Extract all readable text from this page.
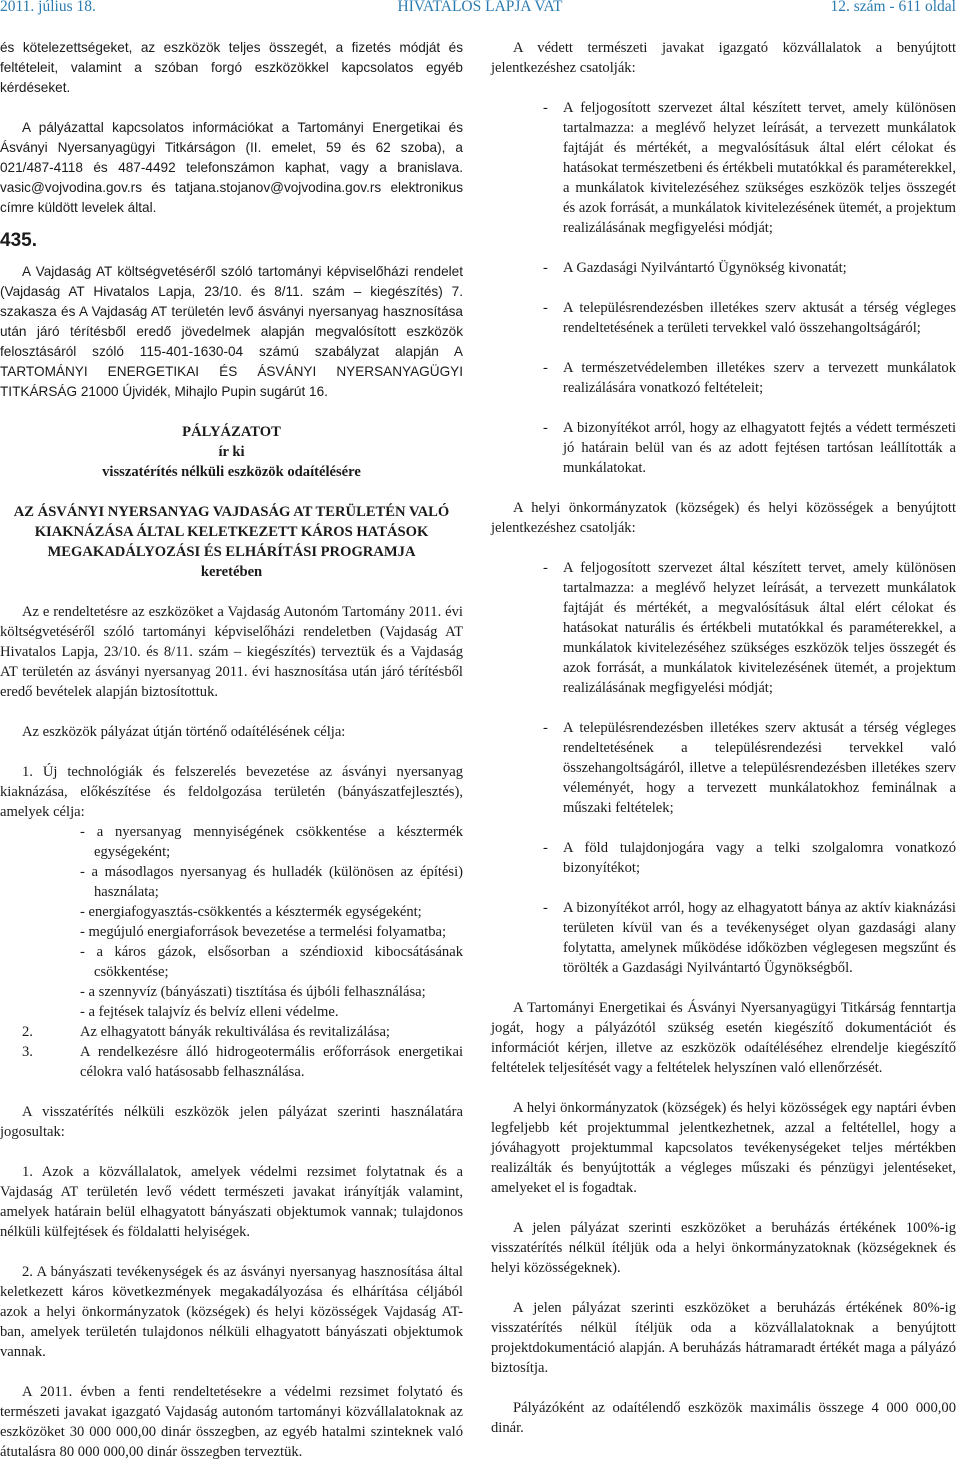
2011. július 18.	HIVATALOS LAPJA VAT	12. szám - 611 oldal

és kötelezettségeket, az eszközök teljes összegét, a fizetés módját és feltételeit, valamint a szóban forgó eszközökkel kapcsolatos egyéb kérdéseket.

A pályázattal kapcsolatos információkat a Tartományi Energetikai és Ásványi Nyersanyagügyi Titkárságon (II. emelet, 59 és 62 szoba), a 021/487-4118 és 487-4492 telefonszámon kaphat, vagy a branislava. vasic@vojvodina.gov.rs és tatjana.stojanov@vojvodina.gov.rs elektronikus címre küldött levelek által.

435.

A Vajdaság AT költségvetéséről szóló tartományi képviselőházi rendelet (Vajdaság AT Hivatalos Lapja, 23/10. és 8/11. szám – kiegészítés) 7. szakasza és A Vajdaság AT területén levő ásványi nyersanyag hasznosítása után járó térítésből eredő jövedelmek alapján megvalósított eszközök felosztásáról szóló 115-401-1630-04 számú szabályzat alapján A TARTOMÁNYI ENERGETIKAI ÉS ÁSVÁNYI NYERSANYAGÜGYI TITKÁRSÁG 21000 Újvidék, Mihajlo Pupin sugárút 16.

PÁLYÁZATOT

ír ki

visszatérítés nélküli eszközök odaítélésére

AZ ÁSVÁNYI NYERSANYAG VAJDASÁG AT TERÜLETÉN VALÓ KIAKNÁZÁSA ÁLTAL KELETKEZETT KÁROS HATÁSOK MEGAKADÁLYOZÁSI ÉS ELHÁRÍTÁSI PROGRAMJA

keretében

Az e rendeltetésre az eszközöket a Vajdaság Autonóm Tartomány 2011. évi költségvetéséről szóló tartományi képviselőházi rendeletben (Vajdaság AT Hivatalos Lapja, 23/10. és 8/11. szám – kiegészítés) terveztük és a Vajdaság AT területén az ásványi nyersanyag 2011. évi hasznosítása után járó térítésből eredő bevételek alapján biztosítottuk.

Az eszközök pályázat útján történő odaítélésének célja:

1. Új technológiák és felszerelés bevezetése az ásványi nyersanyag kiaknázása, előkészítése és feldolgozása területén (bányászatfejlesztés), amelyek célja:

- a nyersanyag mennyiségének csökkentése a késztermék egységeként;
- a másodlagos nyersanyag és hulladék (különösen az építési) használata;
- energiafogyasztás-csökkentés a késztermék egységeként;
- megújuló energiaforrások bevezetése a termelési folyamatba;
- a káros gázok, elsősorban a széndioxid kibocsátásának csökkentése;
- a szennyvíz (bányászati) tisztítása és újbóli felhasználása;
- a fejtések talajvíz és belvíz elleni védelme.

2.	Az elhagyatott bányák rekultiválása és revitalizálása;

3.	A rendelkezésre álló hidrogeotermális erőforrások energetikai célokra való hatásosabb felhasználása.

A visszatérítés nélküli eszközök jelen pályázat szerinti használatára jogosultak:

1. Azok a közvállalatok, amelyek védelmi rezsimet folytatnak és a Vajdaság AT területén levő védett természeti javakat irányítják valamint, amelyek határain belül elhagyatott bányászati objektumok vannak; tulajdonos nélküli külfejtések és földalatti helyiségek.

2. A bányászati tevékenységek és az ásványi nyersanyag hasznosítása által keletkezett káros következmények megakadályozása és elhárítása céljából azok a helyi önkormányzatok (községek) és helyi közösségek Vajdaság AT-ban, amelyek területén tulajdonos nélküli elhagyatott bányászati objektumok vannak.

A 2011. évben a fenti rendeltetésekre a védelmi rezsimet folytató és természeti javakat igazgató Vajdaság autonóm tartományi közvállalatoknak az eszközöket 30 000 000,00 dinár összegben, az egyéb hatalmi szinteknek való átutalásra 80 000 000,00 dinár összegben terveztük.

A védett természeti javakat igazgató közvállalatok a benyújtott jelentkezéshez csatolják:

- A feljogosított szervezet által készített tervet, amely különösen tartalmazza: a meglévő helyzet leírását, a tervezett munkálatok fajtáját és mértékét, a megvalósításuk által elért célokat és hatásokat természetbeni és értékbeli mutatókkal és paraméterekkel, a munkálatok kivitelezéséhez szükséges eszközök teljes összegét és azok forrását, a munkálatok kivitelezésének ütemét, a projektum realizálásának megfigyelési módját;
- A Gazdasági Nyilvántartó Ügynökség kivonatát;
- A településrendezésben illetékes szerv aktusát a térség végleges rendeltetésének a területi tervekkel való összehangoltságáról;
- A természetvédelemben illetékes szerv a tervezett munkálatok realizálására vonatkozó feltételeit;
- A bizonyítékot arról, hogy az elhagyatott fejtés a védett természeti jó határain belül van és az adott fejtésen tartósan leállították a munkálatokat.

A helyi önkormányzatok (községek) és helyi közösségek a benyújtott jelentkezéshez csatolják:

- A feljogosított szervezet által készített tervet, amely különösen tartalmazza: a meglévő helyzet leírását, a tervezett munkálatok fajtáját és mértékét, a megvalósításuk által elért célokat és hatásokat naturális és értékbeli mutatókkal és paraméterekkel, a munkálatok kivitelezéséhez szükséges eszközök teljes összegét és azok forrását, a munkálatok kivitelezésének ütemét, a projektum realizálásának megfigyelési módját;
- A településrendezésben illetékes szerv aktusát a térség végleges rendeltetésének a településrendezési tervekkel való összehangoltságáról, illetve a településrendezésben illetékes szerv véleményét, hogy a tervezett munkálatokhoz feminálnak a műszaki feltételek;
- A föld tulajdonjogára vagy a telki szolgalomra vonatkozó bizonyítékot;
- A bizonyítékot arról, hogy az elhagyatott bánya az aktív kiaknázási területen kívül van és a tevékenységet olyan gazdasági alany folytatta, amelynek működése időközben véglegesen megszűnt és törölték a Gazdasági Nyilvántartó Ügynökségből.

A Tartományi Energetikai és Ásványi Nyersanyagügyi Titkárság fenntartja jogát, hogy a pályázótól szükség esetén kiegészítő dokumentációt és információt kérjen, illetve az eszközök odaítéléséhez elrendelje kiegészítő feltételek teljesítését vagy a feltételek helyszínen való ellenőrzését.

A helyi önkormányzatok (községek) és helyi közösségek egy naptári évben legfeljebb két projektummal jelentkezhetnek, azzal a feltétellel, hogy a jóváhagyott projektummal kapcsolatos tevékenységeket teljes mértékben realizálták és benyújtották a végleges műszaki és pénzügyi jelentéseket, amelyeket el is fogadtak.

A jelen pályázat szerinti eszközöket a beruházás értékének 100%-ig visszatérítés nélkül ítéljük oda a helyi önkormányzatoknak (községeknek és helyi közösségeknek).

A jelen pályázat szerinti eszközöket a beruházás értékének 80%-ig visszatérítés nélkül ítéljük oda a közvállalatoknak a benyújtott projektdokumentáció alapján. A beruházás hátramaradt értékét maga a pályázó biztosítja.

Pályázóként az odaítélendő eszközök maximális összege 4 000 000,00 dinár.
